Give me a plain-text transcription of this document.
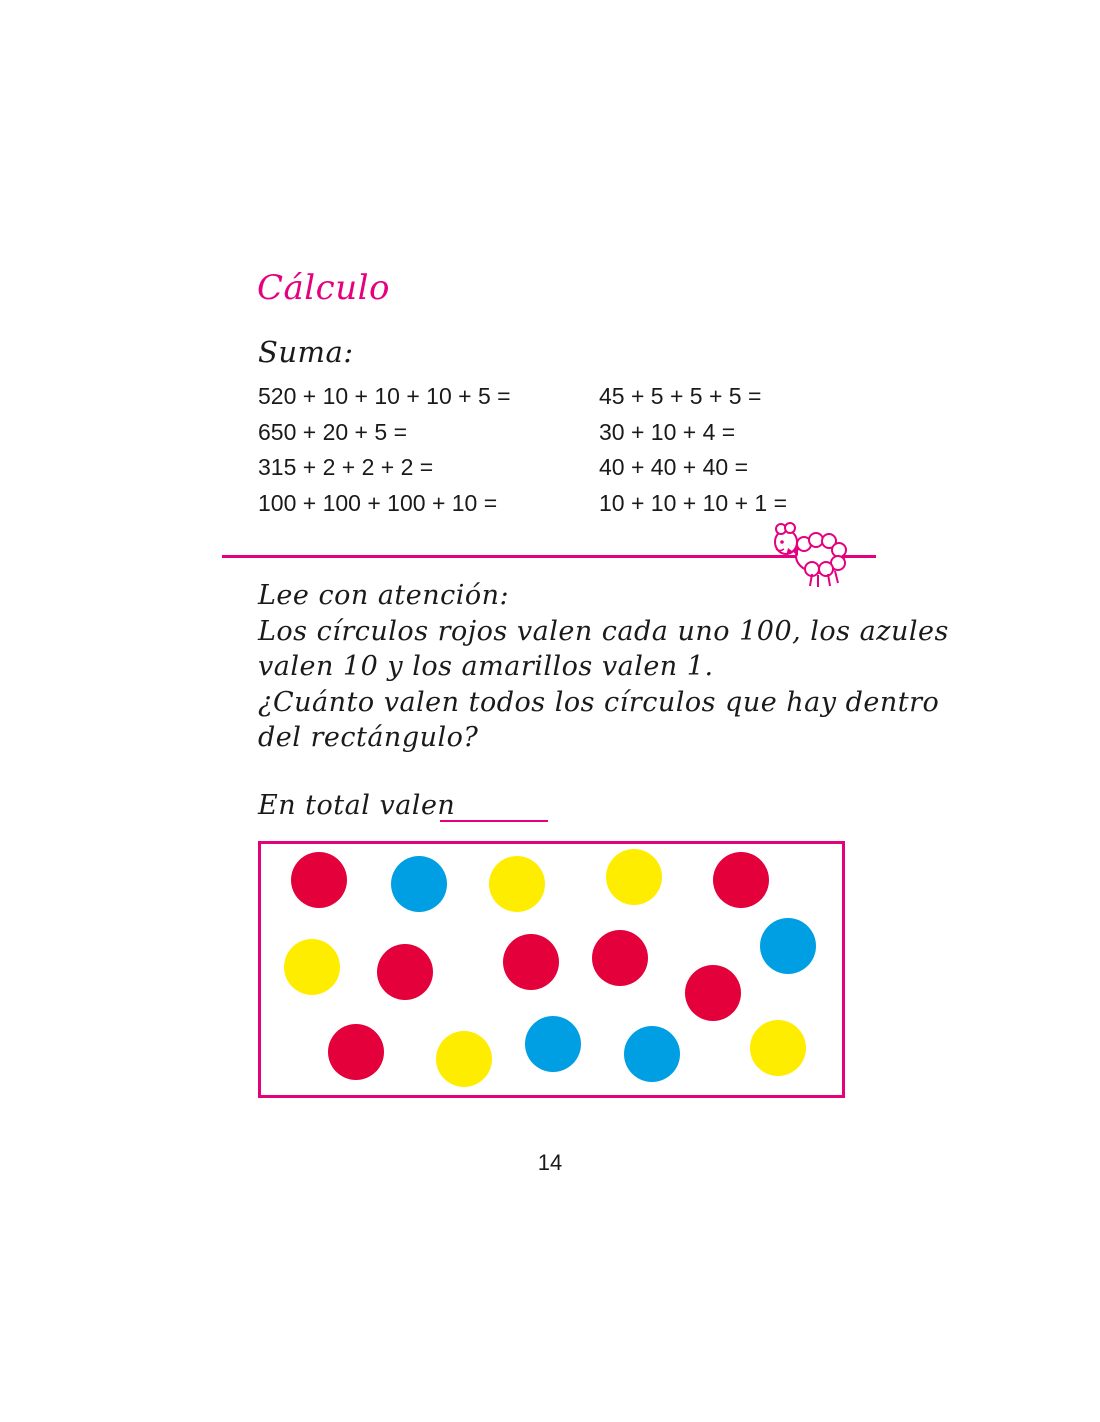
Cálculo
Suma:
520 + 10 + 10 + 10 + 5 =
650 + 20 + 5 =
315 + 2 + 2 + 2 =
100 + 100 + 100 + 10 =
45 + 5 + 5 + 5 =
30 + 10 + 4 =
40 + 40 + 40 =
10 + 10 + 10 + 1 =
Lee con atención:
Los círculos rojos valen cada uno 100, los azules
valen 10 y los amarillos valen 1.
¿Cuánto valen todos los círculos que hay dentro
del rectángulo?
En total valen
14
